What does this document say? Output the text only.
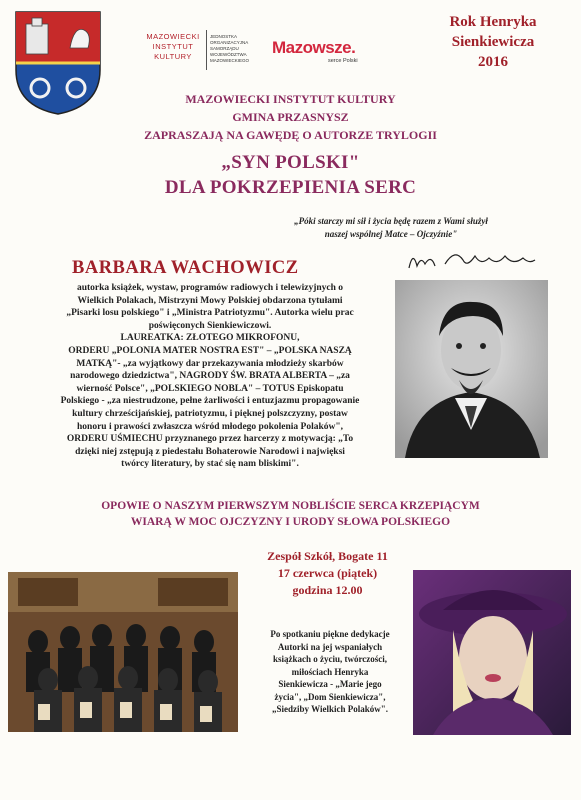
MAZOWIECKI
INSTYTUT
KULTURY
JEDNOSTKA ORGANIZACYJNA SAMORZĄDU WOJEWÓDZTWA MAZOWIECKIEGO
Mazowsze.
serce Polski
Rok Henryka
Sienkiewicza
2016
MAZOWIECKI INSTYTUT KULTURY
GMINA PRZASNYSZ
ZAPRASZAJĄ NA GAWĘDĘ O AUTORZE TRYLOGII
„SYN POLSKI"
DLA POKRZEPIENIA SERC
„Póki starczy mi sił i życia będę razem z Wami służył
naszej wspólnej Matce – Ojczyźnie"
BARBARA WACHOWICZ
autorka książek, wystaw, programów radiowych i telewizyjnych o
Wielkich Polakach, Mistrzyni Mowy Polskiej obdarzona tytułami
„Pisarki losu polskiego" i „Ministra Patriotyzmu". Autorka wielu prac
poświęconych Sienkiewiczowi.
LAUREATKA: ZŁOTEGO MIKROFONU,
ORDERU „POLONIA MATER NOSTRA EST" – „POLSKA NASZĄ
MATKĄ"- „za wyjątkowy dar przekazywania młodzieży skarbów
narodowego dziedzictwa", NAGRODY ŚW. BRATA ALBERTA – „za
wierność Polsce", „POLSKIEGO NOBLA" – TOTUS Episkopatu
Polskiego - „za niestrudzone, pełne żarliwości i entuzjazmu propagowanie
kultury chrześcijańskiej, patriotyzmu, i pięknej polszczyzny, postaw
honoru i prawości zwłaszcza wśród młodego pokolenia Polaków",
ORDERU UŚMIECHU przyznanego przez harcerzy z motywacją: „To
dzięki niej zstępują z piedestału Bohaterowie Narodowi i najwięksi
twórcy literatury, by stać się nam bliskimi".
OPOWIE O NASZYM PIERWSZYM NOBLIŚCIE SERCA KRZEPIĄCYM
WIARĄ W MOC OJCZYZNY I URODY SŁOWA POLSKIEGO
Zespół Szkół, Bogate 11
17 czerwca (piątek)
godzina 12.00
Po spotkaniu piękne dedykacje
Autorki na jej wspaniałych
książkach o życiu, twórczości,
miłościach Henryka
Sienkiewicza - „Marie jego
życia", „Dom Sienkiewicza",
„Siedziby Wielkich Polaków".
